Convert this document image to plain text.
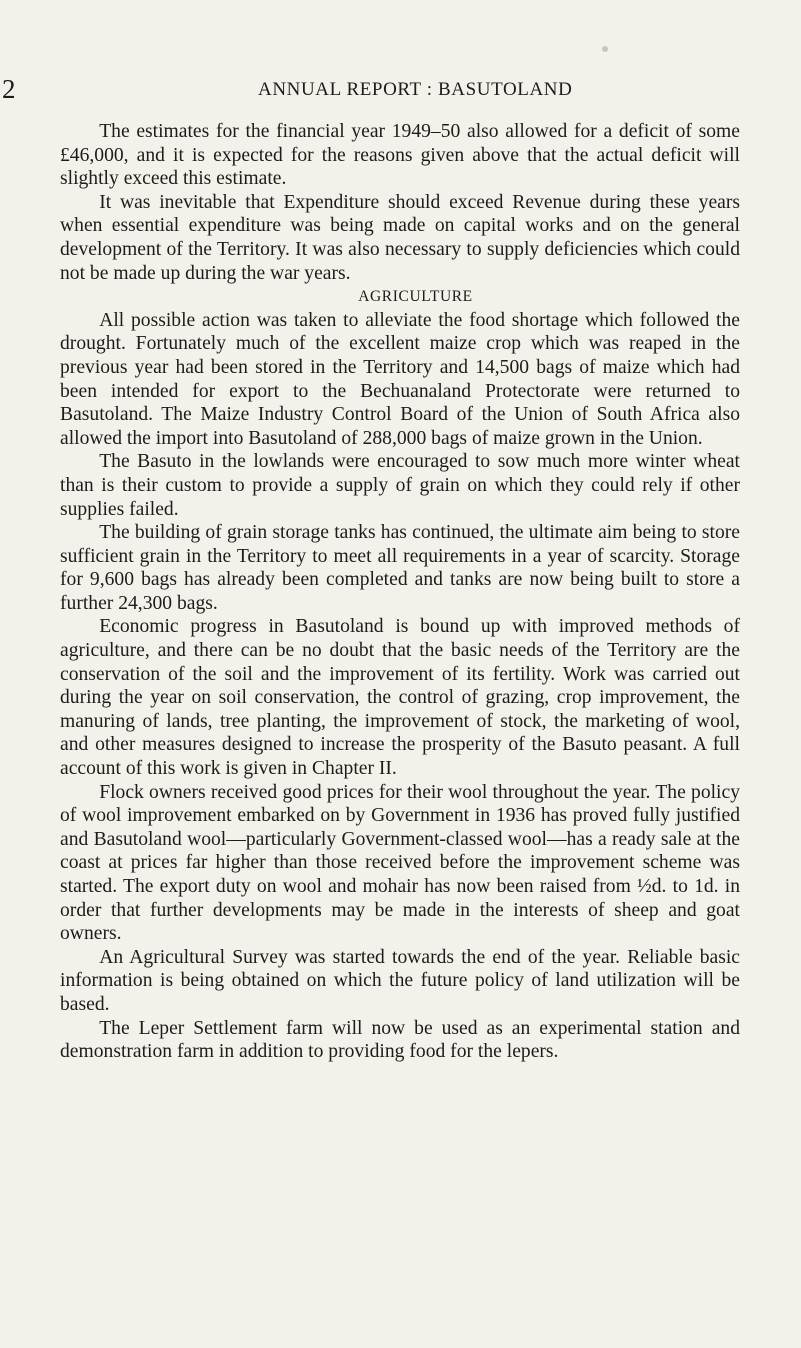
2	ANNUAL REPORT : BASUTOLAND

The estimates for the financial year 1949–50 also allowed for a deficit of some £46,000, and it is expected for the reasons given above that the actual deficit will slightly exceed this estimate.

It was inevitable that Expenditure should exceed Revenue during these years when essential expenditure was being made on capital works and on the general development of the Territory. It was also necessary to supply deficiencies which could not be made up during the war years.

AGRICULTURE

All possible action was taken to alleviate the food shortage which followed the drought. Fortunately much of the excellent maize crop which was reaped in the previous year had been stored in the Territory and 14,500 bags of maize which had been intended for export to the Bechuanaland Protectorate were returned to Basutoland. The Maize Industry Control Board of the Union of South Africa also allowed the import into Basutoland of 288,000 bags of maize grown in the Union.

The Basuto in the lowlands were encouraged to sow much more winter wheat than is their custom to provide a supply of grain on which they could rely if other supplies failed.

The building of grain storage tanks has continued, the ultimate aim being to store sufficient grain in the Territory to meet all requirements in a year of scarcity. Storage for 9,600 bags has already been completed and tanks are now being built to store a further 24,300 bags.

Economic progress in Basutoland is bound up with improved methods of agriculture, and there can be no doubt that the basic needs of the Territory are the conservation of the soil and the improvement of its fertility. Work was carried out during the year on soil conservation, the control of grazing, crop improvement, the manuring of lands, tree planting, the improvement of stock, the marketing of wool, and other measures designed to increase the prosperity of the Basuto peasant. A full account of this work is given in Chapter II.

Flock owners received good prices for their wool throughout the year. The policy of wool improvement embarked on by Government in 1936 has proved fully justified and Basutoland wool—particularly Government-classed wool—has a ready sale at the coast at prices far higher than those received before the improvement scheme was started. The export duty on wool and mohair has now been raised from ½d. to 1d. in order that further developments may be made in the interests of sheep and goat owners.

An Agricultural Survey was started towards the end of the year. Reliable basic information is being obtained on which the future policy of land utilization will be based.

The Leper Settlement farm will now be used as an experimental station and demonstration farm in addition to providing food for the lepers.
